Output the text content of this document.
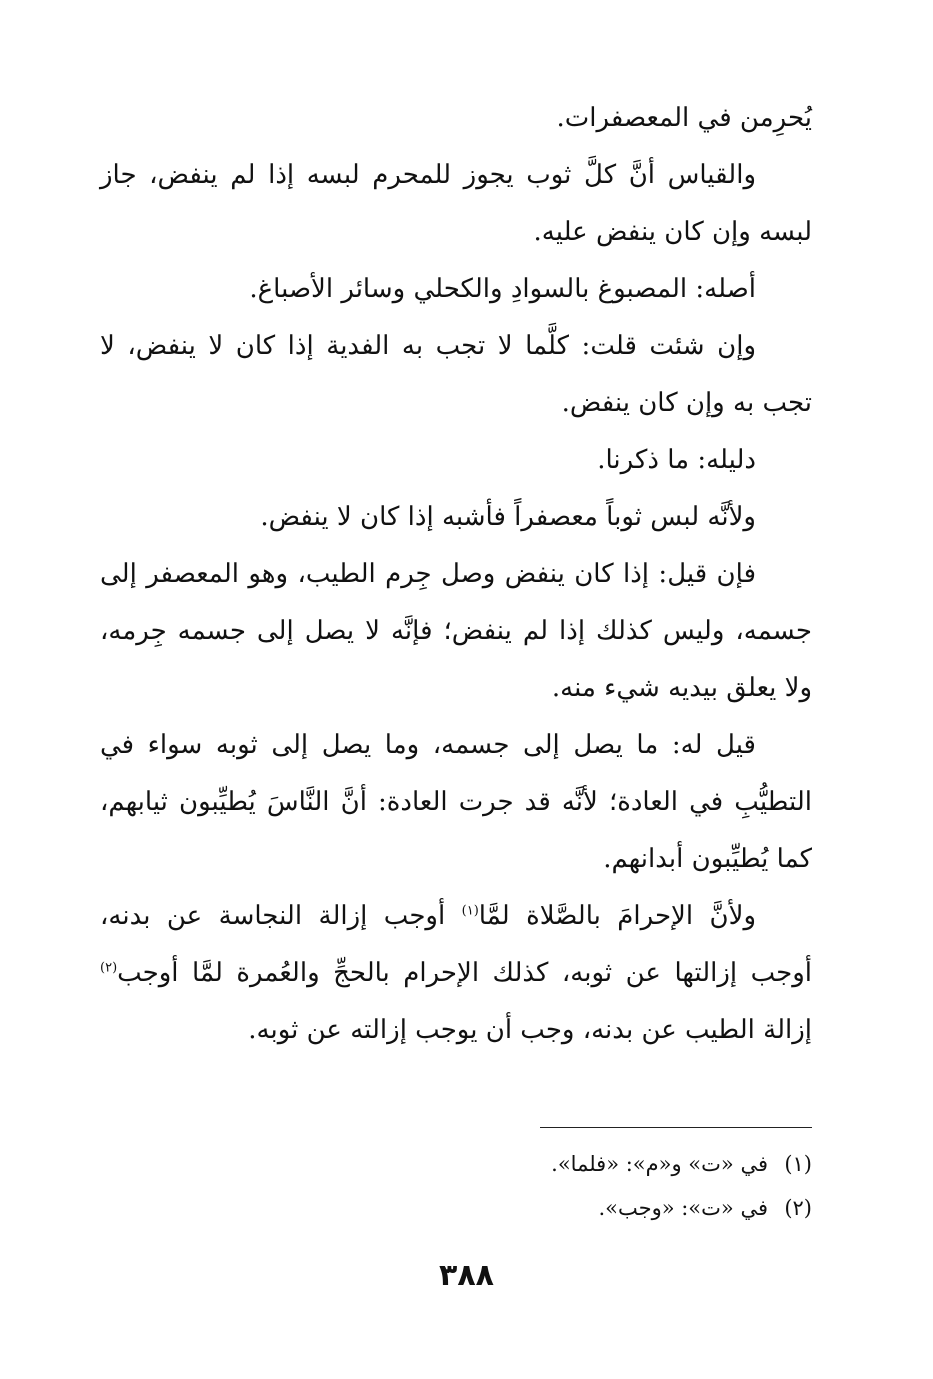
يُحرِمن في المعصفرات.

والقياس أنَّ كلَّ ثوب يجوز للمحرم لبسه إذا لم ينفض، جاز لبسه وإن كان ينفض عليه.

أصله: المصبوغ بالسوادِ والكحلي وسائر الأصباغ.

وإن شئت قلت: كلَّما لا تجب به الفدية إذا كان لا ينفض، لا تجب به وإن كان ينفض.

دليله: ما ذكرنا.

ولأنَّه لبس ثوباً معصفراً فأشبه إذا كان لا ينفض.

فإن قيل: إذا كان ينفض وصل جِرم الطيب، وهو المعصفر إلى جسمه، وليس كذلك إذا لم ينفض؛ فإنَّه لا يصل إلى جسمه جِرمه، ولا يعلق بيديه شيء منه.

قيل له: ما يصل إلى جسمه، وما يصل إلى ثوبه سواء في التطيُّبِ في العادة؛ لأنَّه قد جرت العادة: أنَّ النَّاسَ يُطيِّبون ثيابهم، كما يُطيِّبون أبدانهم.

ولأنَّ الإحرامَ بالصَّلاة لمَّا$^{(١)}$ أوجب إزالة النجاسة عن بدنه، أوجب إزالتها عن ثوبه، كذلك الإحرام بالحجِّ والعُمرة لمَّا أوجب$^{(٢)}$ إزالة الطيب عن بدنه، وجب أن يوجب إزالته عن ثوبه.

(١)في «ت» و«م»: «فلما».

(٢)في «ت»: «وجب».

٣٨٨
